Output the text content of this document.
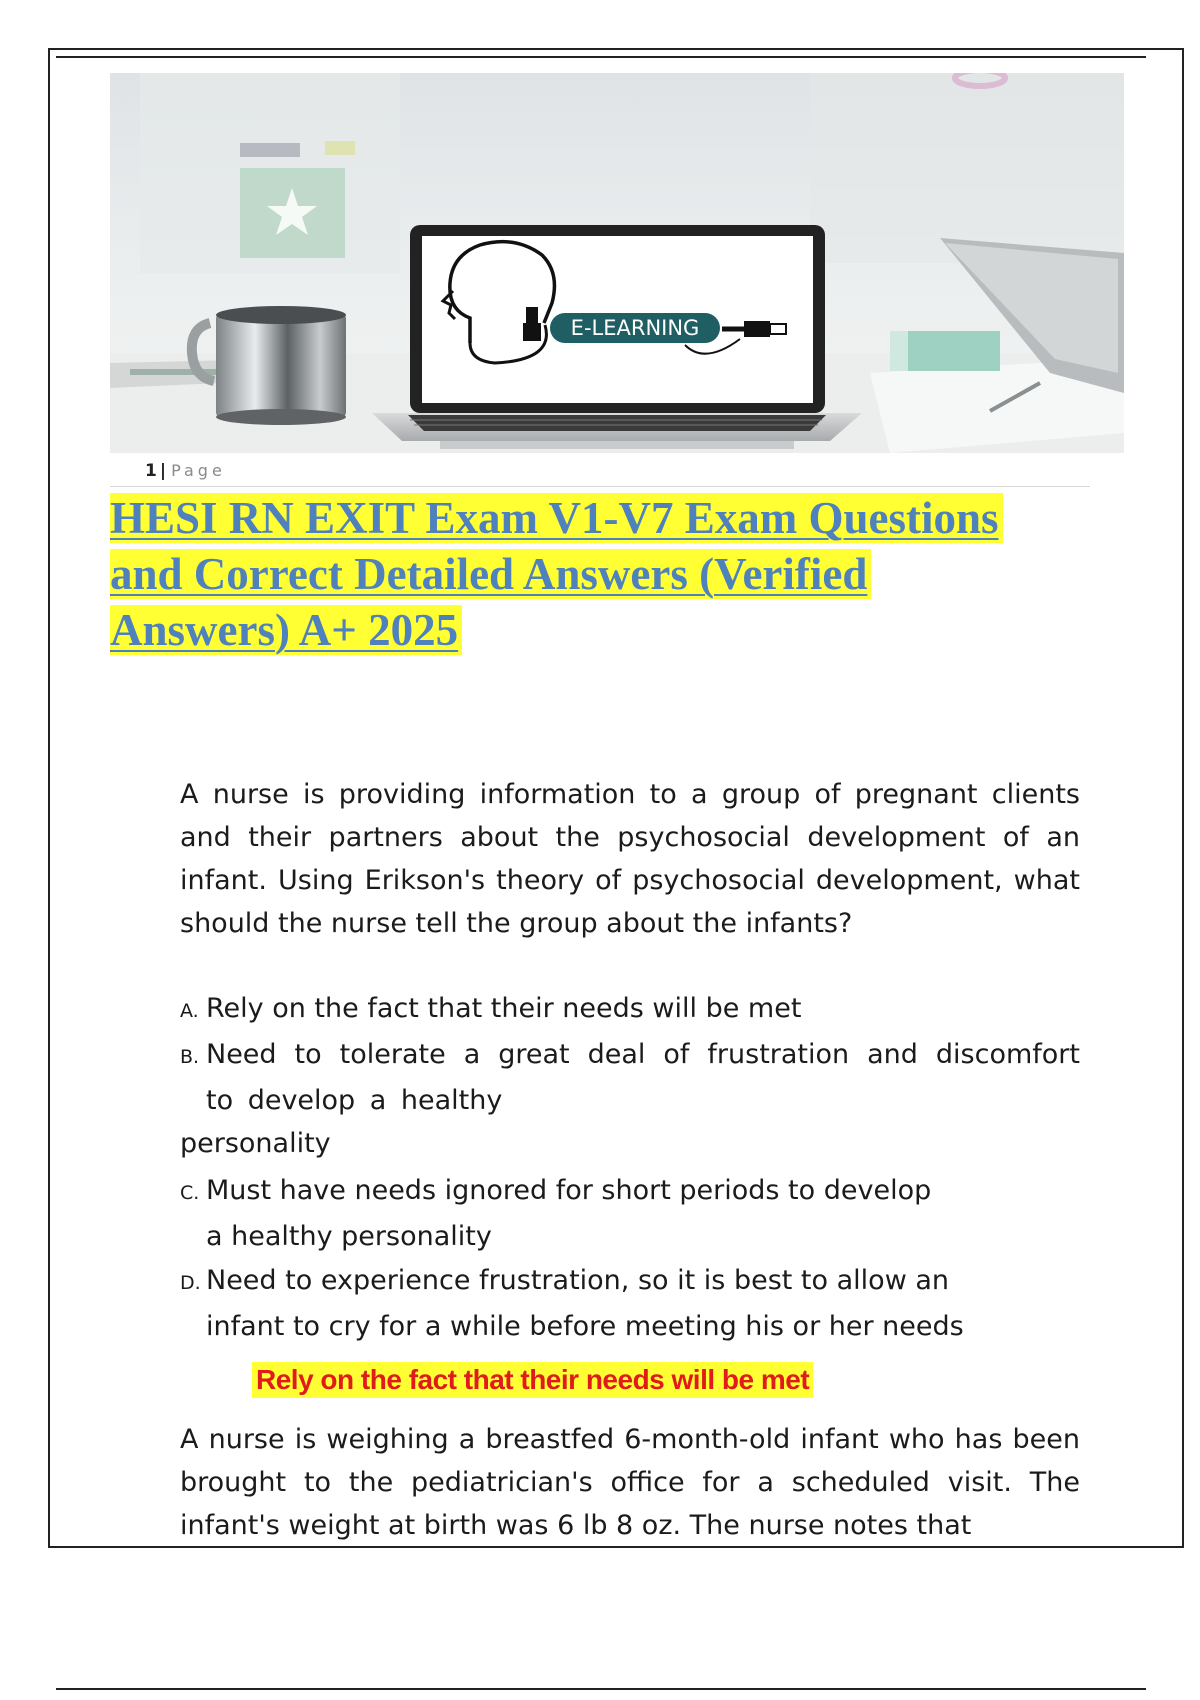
E-LEARNING
1 | Page
HESI RN EXIT Exam V1-V7 Exam Questions
and Correct Detailed Answers (Verified
Answers) A+ 2025
A nurse is providing information to a group of pregnant clients and their partners about the psychosocial development of an infant. Using Erikson's theory of psychosocial development, what should the nurse tell the group about the infants?
A. Rely on the fact that their needs will be met
B. Need to tolerate a great deal of frustration and discomfort
to develop a healthy
personality
C. Must have needs ignored for short periods to develop
a healthy personality
D. Need to experience frustration, so it is best to allow an
infant to cry for a while before meeting his or her needs
Rely on the fact that their needs will be met
A nurse is weighing a breastfed 6-month-old infant who has been brought to the pediatrician's office for a scheduled visit. The infant's weight at birth was 6 lb 8 oz. The nurse notes that
